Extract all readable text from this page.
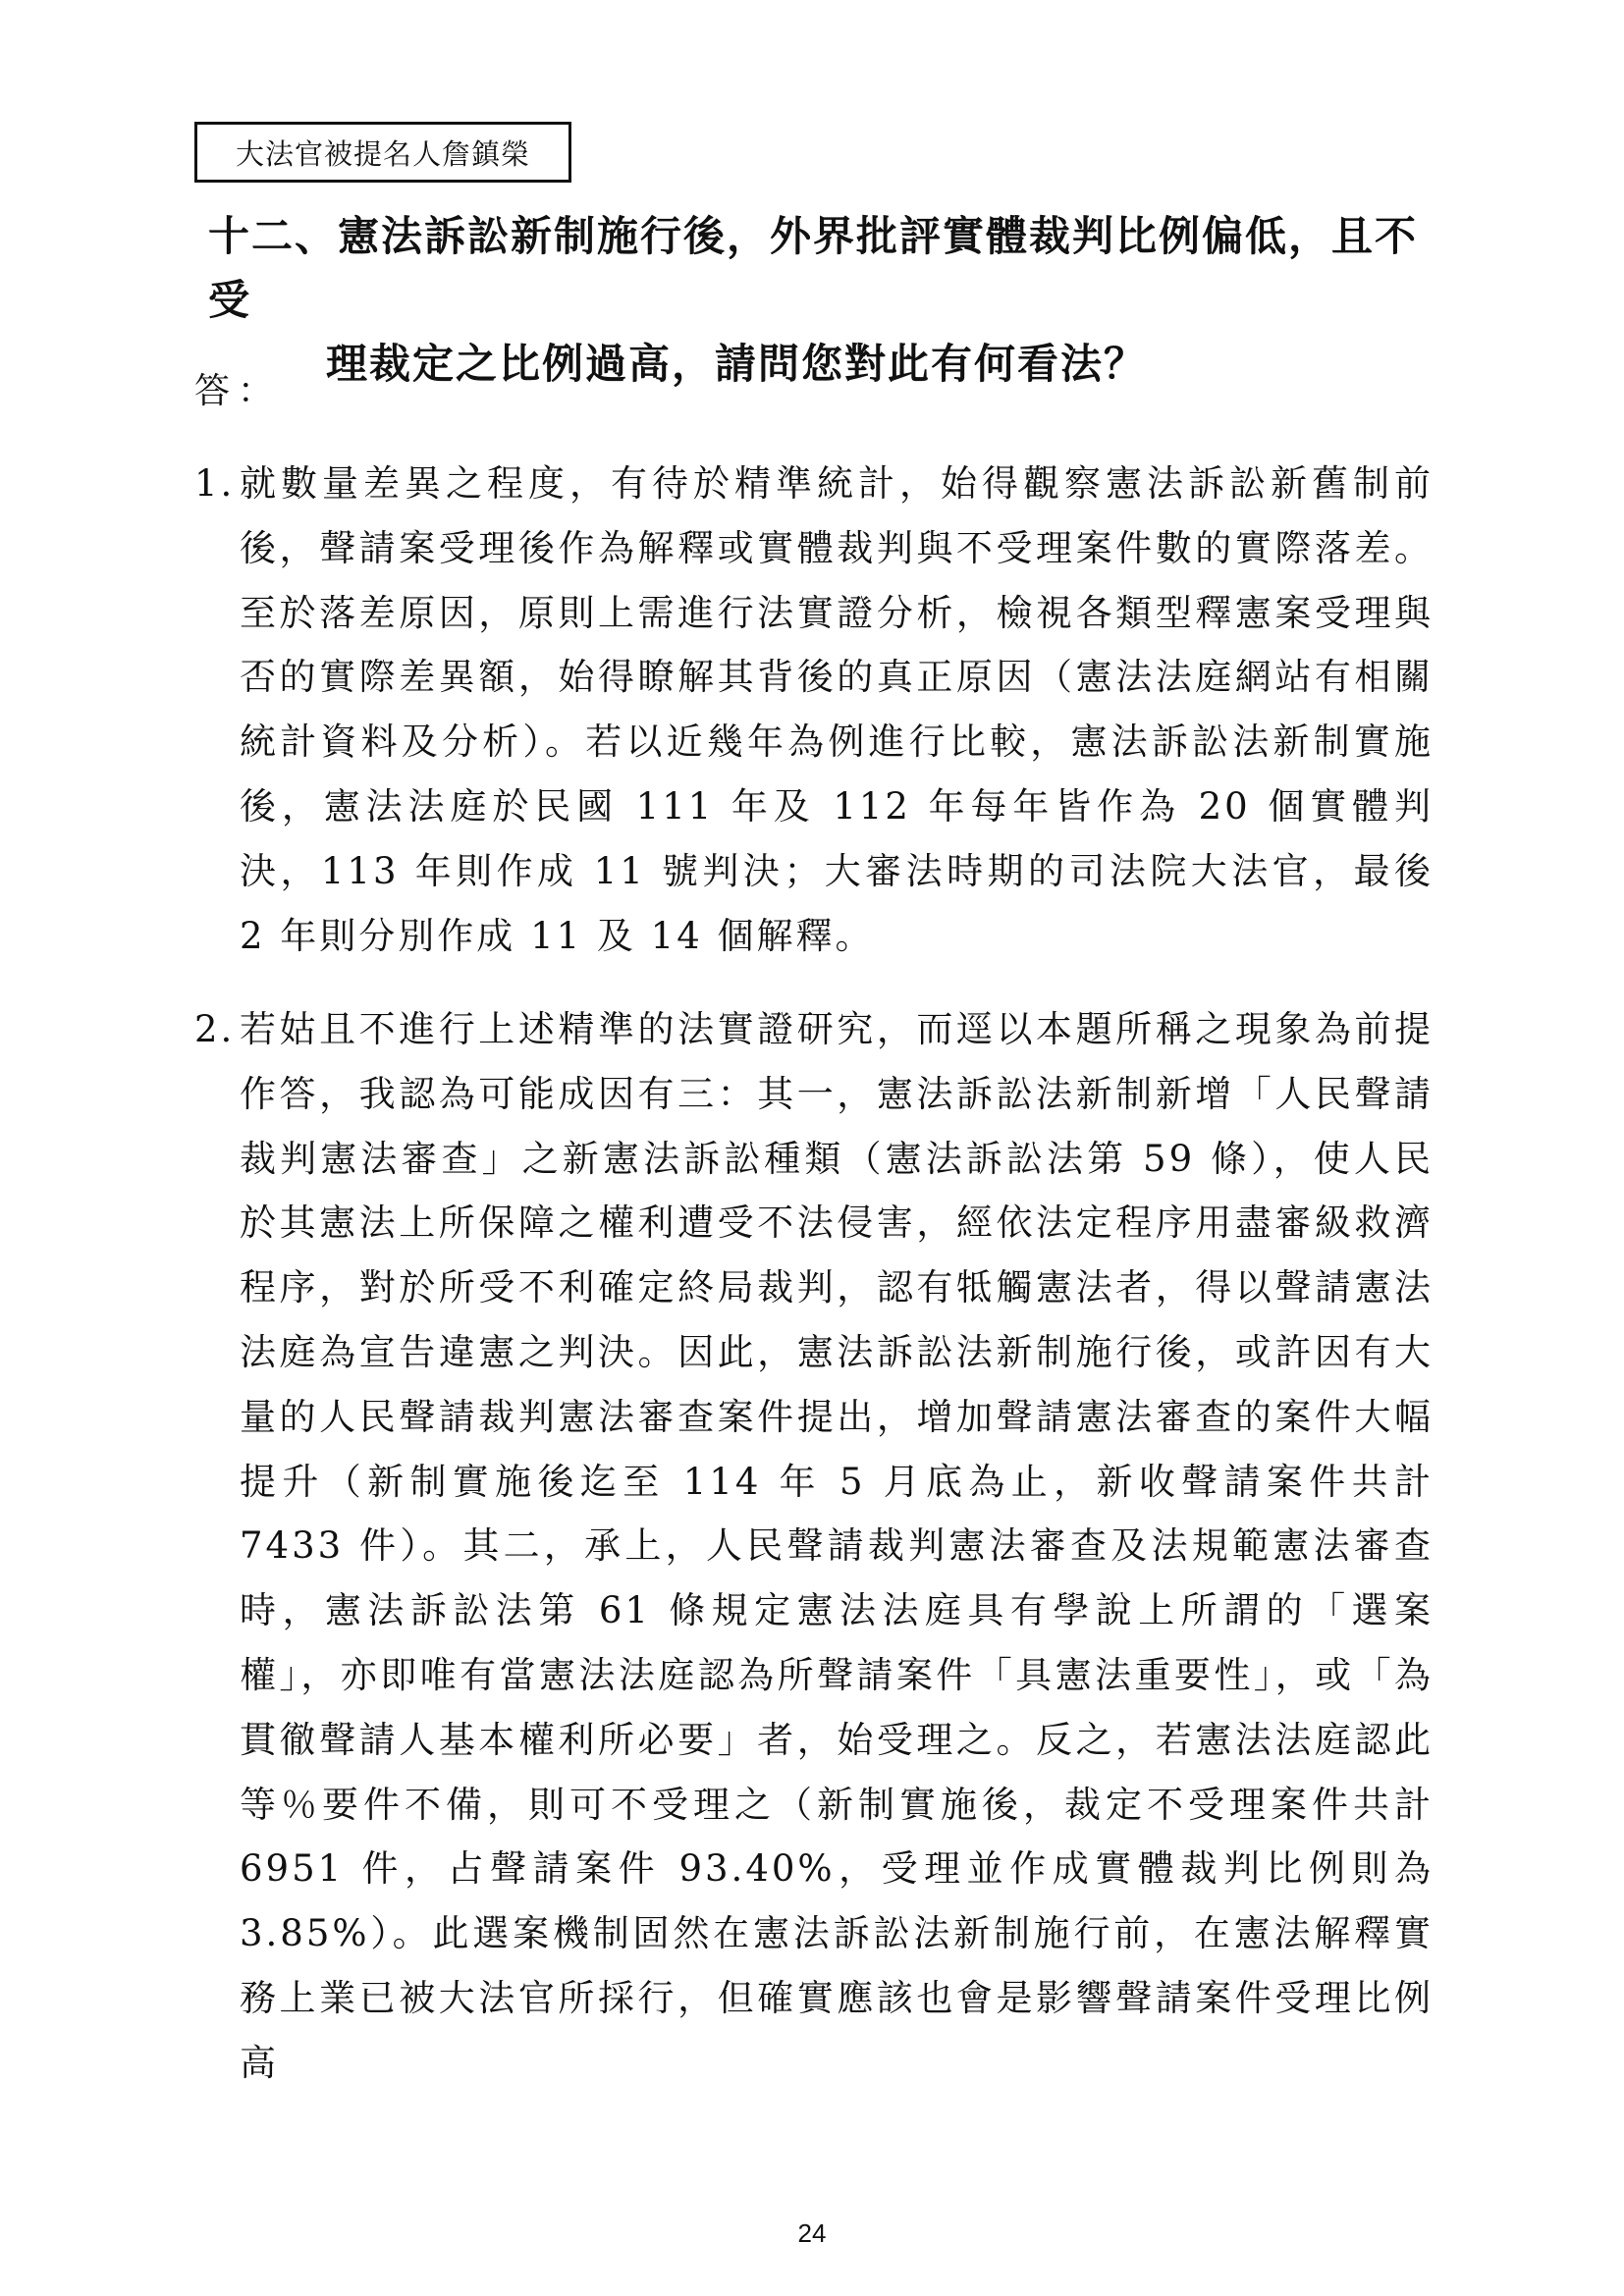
大法官被提名人詹鎮榮
十二、憲法訴訟新制施行後，外界批評實體裁判比例偏低，且不受
理裁定之比例過高，請問您對此有何看法？
答：
1. 就數量差異之程度，有待於精準統計，始得觀察憲法訴訟新舊制前後，聲請案受理後作為解釋或實體裁判與不受理案件數的實際落差。至於落差原因，原則上需進行法實證分析，檢視各類型釋憲案受理與否的實際差異額，始得瞭解其背後的真正原因（憲法法庭網站有相關統計資料及分析）。若以近幾年為例進行比較，憲法訴訟法新制實施後，憲法法庭於民國 111 年及 112 年每年皆作為 20 個實體判決，113 年則作成 11 號判決；大審法時期的司法院大法官，最後 2 年則分別作成 11 及 14 個解釋。
2. 若姑且不進行上述精準的法實證研究，而逕以本題所稱之現象為前提作答，我認為可能成因有三：其一，憲法訴訟法新制新增「人民聲請裁判憲法審查」之新憲法訴訟種類（憲法訴訟法第 59 條），使人民於其憲法上所保障之權利遭受不法侵害，經依法定程序用盡審級救濟程序，對於所受不利確定終局裁判，認有牴觸憲法者，得以聲請憲法法庭為宣告違憲之判決。因此，憲法訴訟法新制施行後，或許因有大量的人民聲請裁判憲法審查案件提出，增加聲請憲法審查的案件大幅提升（新制實施後迄至 114 年 5 月底為止，新收聲請案件共計 7433 件）。其二，承上，人民聲請裁判憲法審查及法規範憲法審查時，憲法訴訟法第 61 條規定憲法法庭具有學說上所謂的「選案權」，亦即唯有當憲法法庭認為所聲請案件「具憲法重要性」，或「為貫徹聲請人基本權利所必要」者，始受理之。反之，若憲法法庭認此等％要件不備，則可不受理之（新制實施後，裁定不受理案件共計 6951 件，占聲請案件 93.40%，受理並作成實體裁判比例則為 3.85%）。此選案機制固然在憲法訴訟法新制施行前，在憲法解釋實務上業已被大法官所採行，但確實應該也會是影響聲請案件受理比例高
24
